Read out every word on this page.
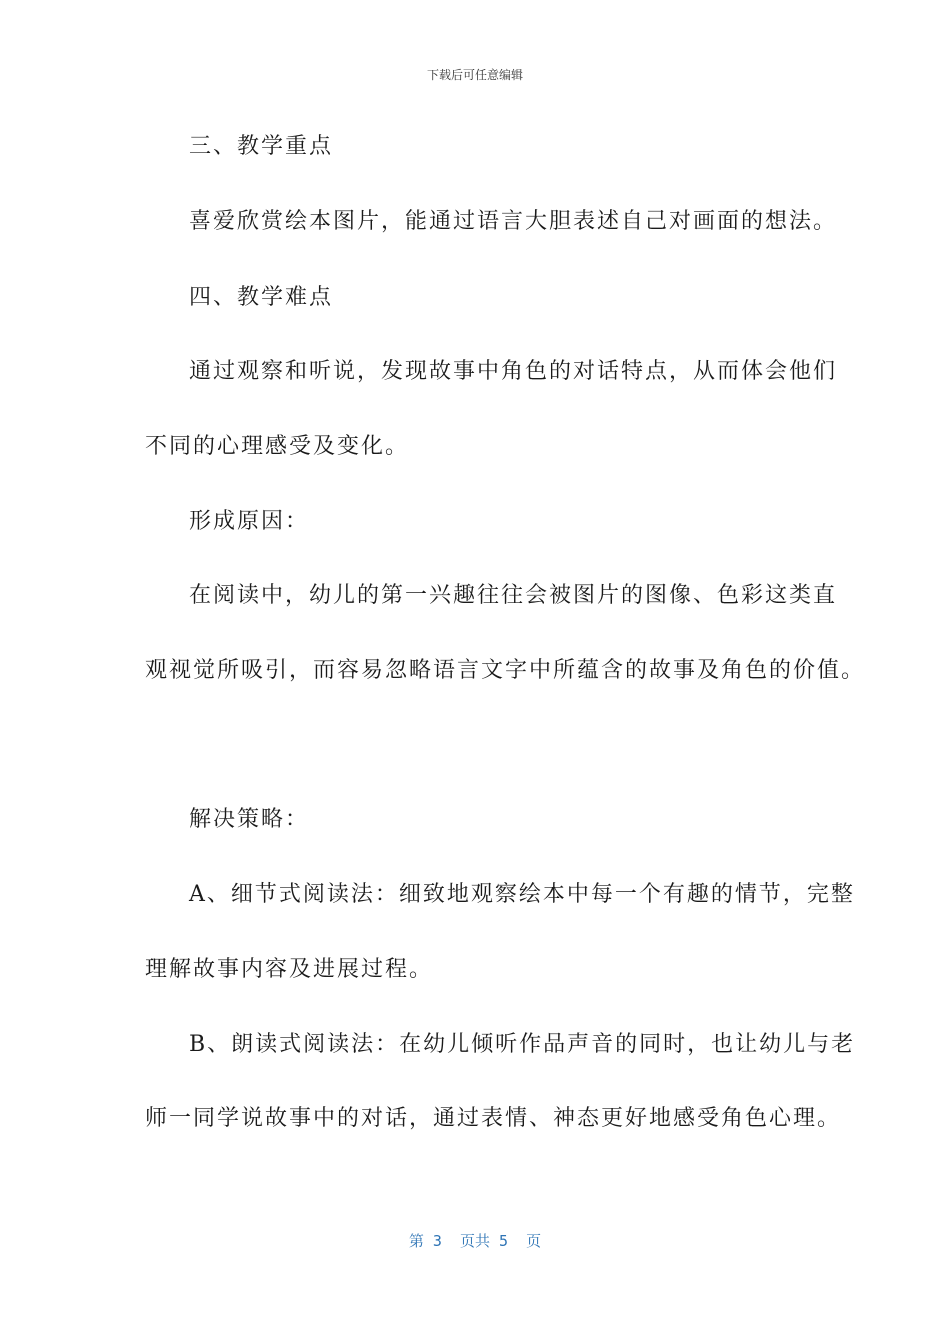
下载后可任意编辑
三、教学重点
喜爱欣赏绘本图片，能通过语言大胆表述自己对画面的想法。
四、教学难点
通过观察和听说，发现故事中角色的对话特点，从而体会他们
不同的心理感受及变化。
形成原因：
在阅读中，幼儿的第一兴趣往往会被图片的图像、色彩这类直
观视觉所吸引，而容易忽略语言文字中所蕴含的故事及角色的价值。
解决策略：
A、细节式阅读法：细致地观察绘本中每一个有趣的情节，完整
理解故事内容及进展过程。
B、朗读式阅读法：在幼儿倾听作品声音的同时，也让幼儿与老
师一同学说故事中的对话，通过表情、神态更好地感受角色心理。
第 3  页共 5  页
